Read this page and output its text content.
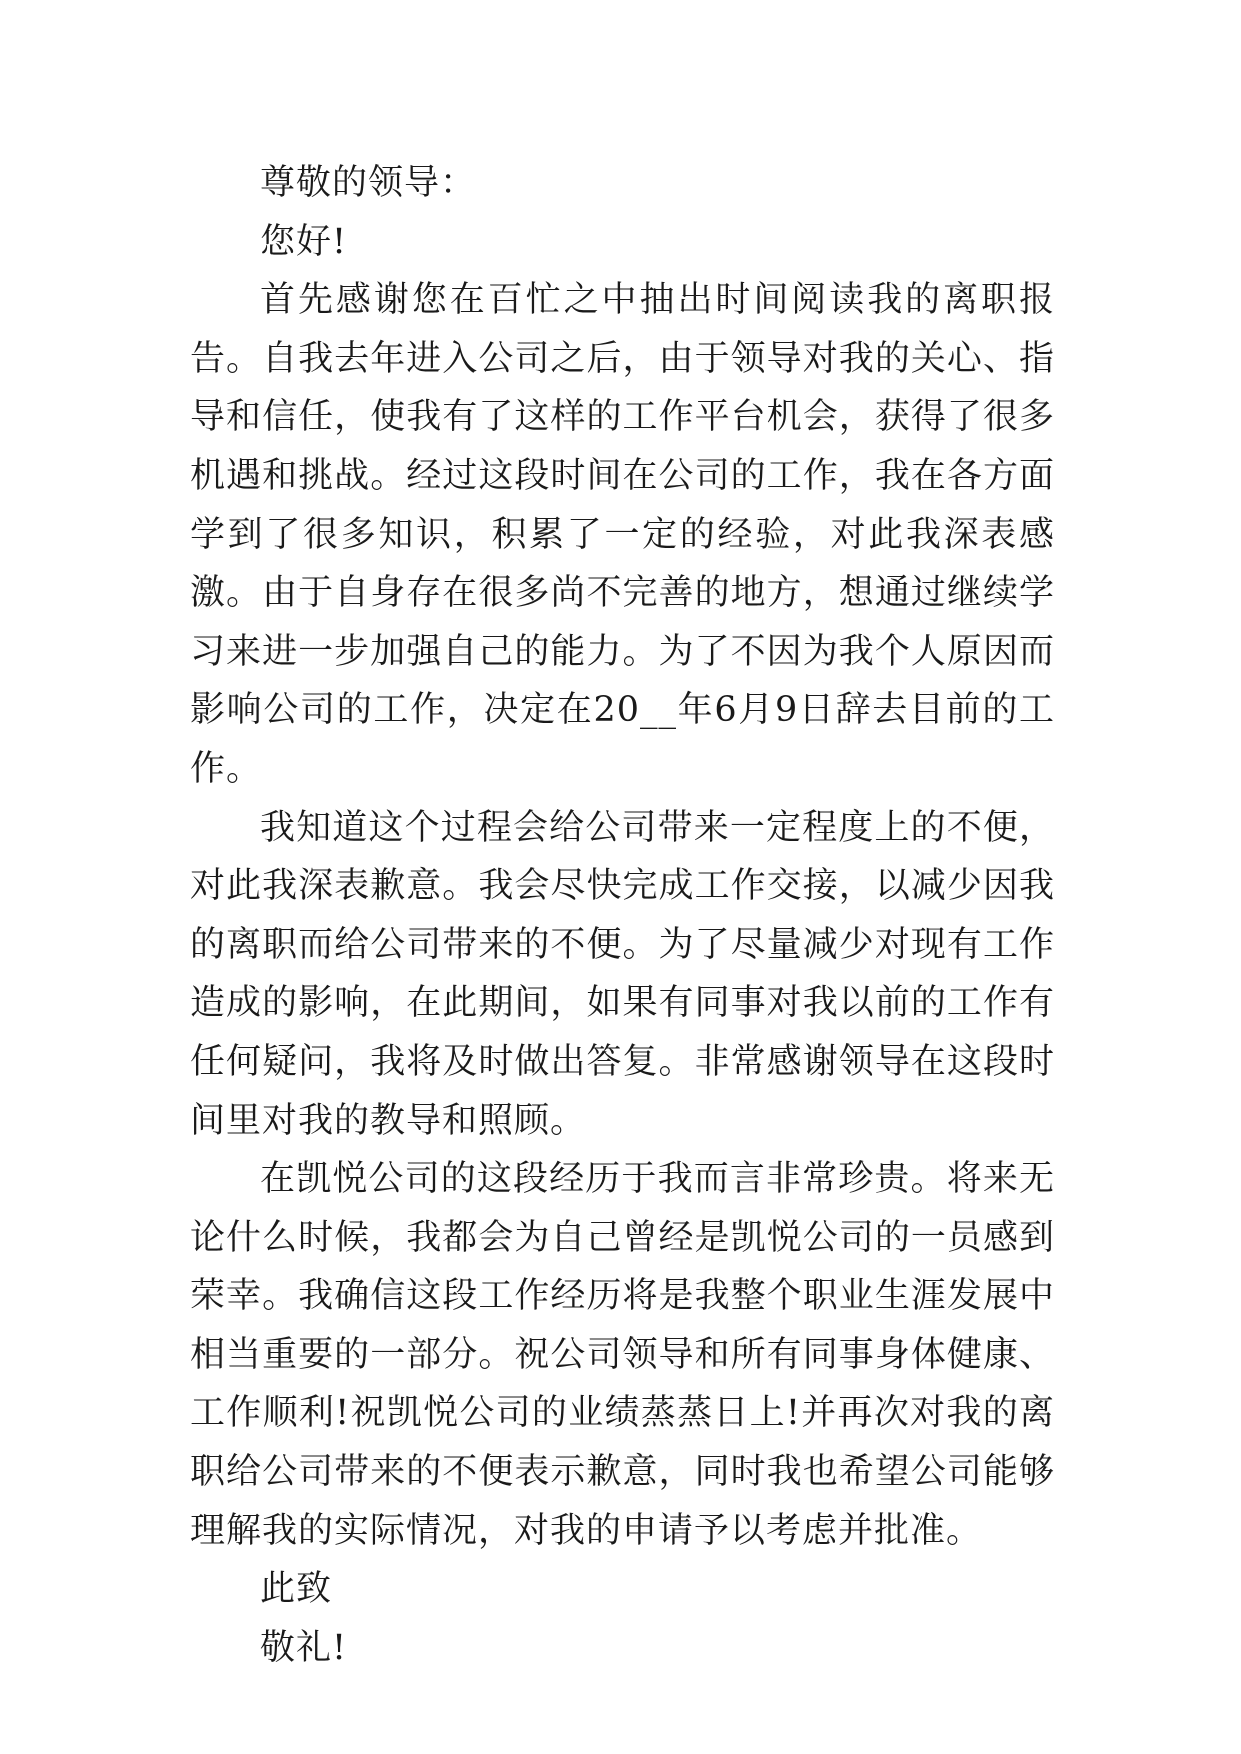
尊敬的领导：

您好!

首先感谢您在百忙之中抽出时间阅读我的离职报告。自我去年进入公司之后，由于领导对我的关心、指导和信任，使我有了这样的工作平台机会，获得了很多机遇和挑战。经过这段时间在公司的工作，我在各方面学到了很多知识，积累了一定的经验，对此我深表感激。由于自身存在很多尚不完善的地方，想通过继续学习来进一步加强自己的能力。为了不因为我个人原因而影响公司的工作，决定在20__年6月9日辞去目前的工作。

我知道这个过程会给公司带来一定程度上的不便，对此我深表歉意。我会尽快完成工作交接，以减少因我的离职而给公司带来的不便。为了尽量减少对现有工作造成的影响，在此期间，如果有同事对我以前的工作有任何疑问，我将及时做出答复。非常感谢领导在这段时间里对我的教导和照顾。

在凯悦公司的这段经历于我而言非常珍贵。将来无论什么时候，我都会为自己曾经是凯悦公司的一员感到荣幸。我确信这段工作经历将是我整个职业生涯发展中相当重要的一部分。祝公司领导和所有同事身体健康、工作顺利!祝凯悦公司的业绩蒸蒸日上!并再次对我的离职给公司带来的不便表示歉意，同时我也希望公司能够理解我的实际情况，对我的申请予以考虑并批准。

此致

敬礼!
